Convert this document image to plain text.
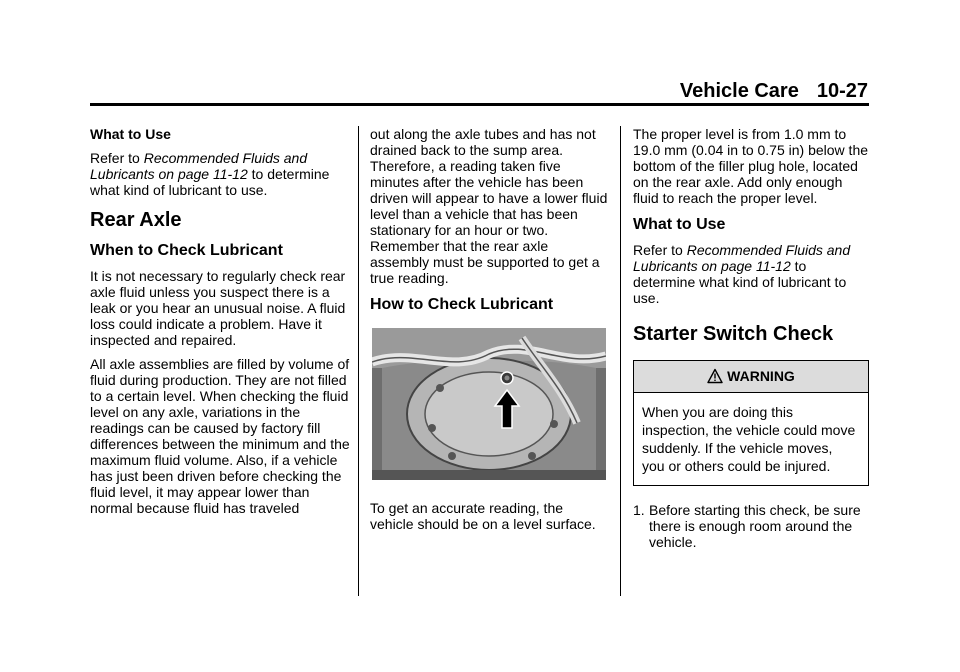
Vehicle Care 10-27
What to Use

Refer to Recommended Fluids and Lubricants on page 11-12 to determine what kind of lubricant to use.

Rear Axle
When to Check Lubricant

It is not necessary to regularly check rear axle fluid unless you suspect there is a leak or you hear an unusual noise. A fluid loss could indicate a problem. Have it inspected and repaired.

All axle assemblies are filled by volume of fluid during production. They are not filled to a certain level. When checking the fluid level on any axle, variations in the readings can be caused by factory fill differences between the minimum and the maximum fluid volume. Also, if a vehicle has just been driven before checking the fluid level, it may appear lower than normal because fluid has traveled

out along the axle tubes and has not drained back to the sump area. Therefore, a reading taken five minutes after the vehicle has been driven will appear to have a lower fluid level than a vehicle that has been stationary for an hour or two. Remember that the rear axle assembly must be supported to get a true reading.

How to Check Lubricant

To get an accurate reading, the vehicle should be on a level surface.

The proper level is from 1.0 mm to 19.0 mm (0.04 in to 0.75 in) below the bottom of the filler plug hole, located on the rear axle. Add only enough fluid to reach the proper level.

What to Use

Refer to Recommended Fluids and Lubricants on page 11-12 to determine what kind of lubricant to use.

Starter Switch Check
WARNING
When you are doing this inspection, the vehicle could move suddenly. If the vehicle moves, you or others could be injured.
1. Before starting this check, be sure there is enough room around the vehicle.
